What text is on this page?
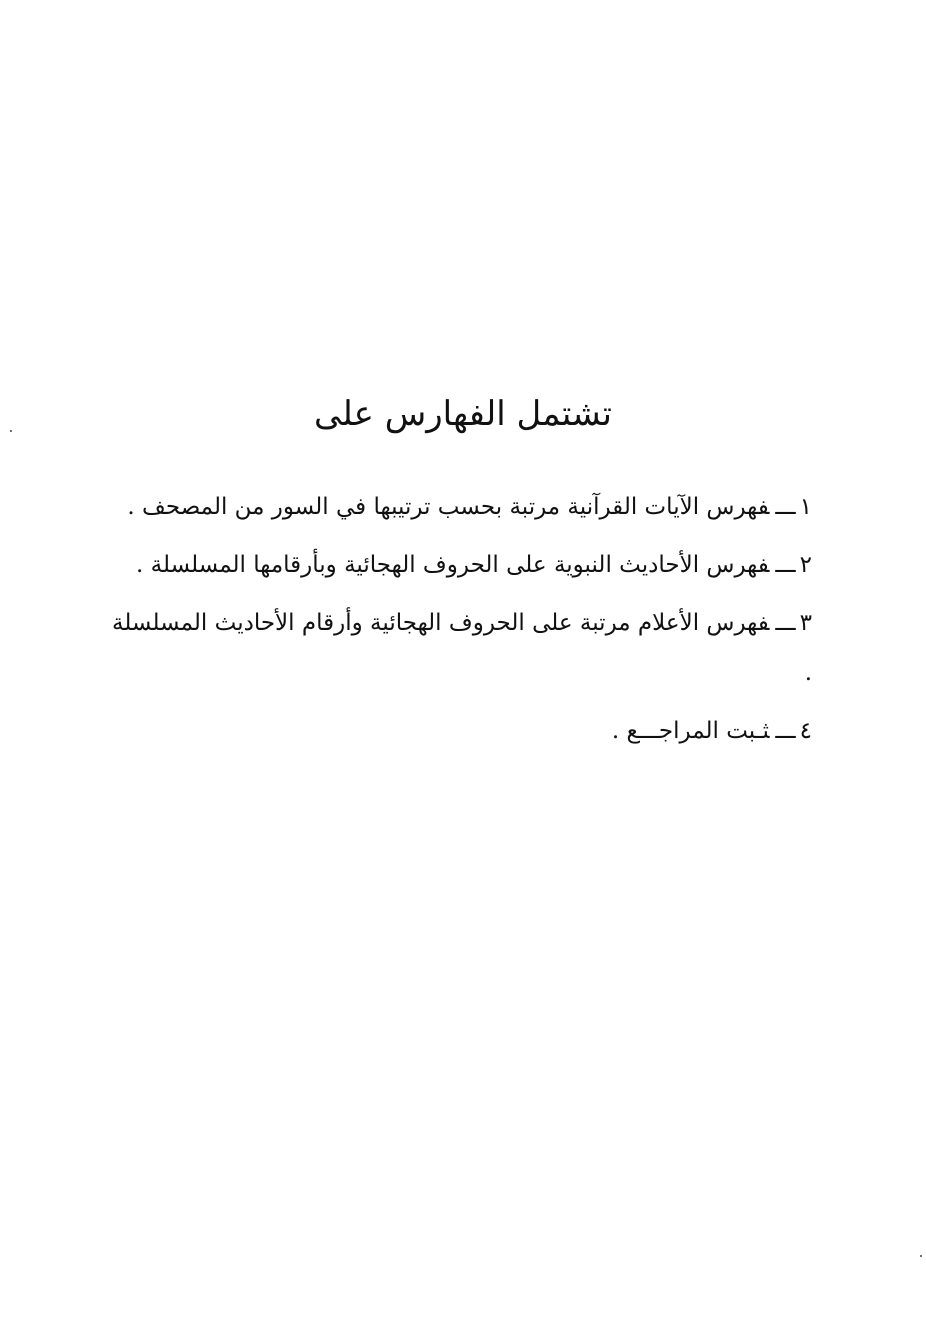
تشتمل الفهارس على
١ـــفهرس الآيات القرآنية مرتبة بحسب ترتيبها في السور من المصحف .
٢ـــفهرس الأحاديث النبوية على الحروف الهجائية وبأرقامها المسلسلة .
٣ـــفهرس الأعلام مرتبة على الحروف الهجائية وأرقام الأحاديث المسلسلة .
٤ـــثـبت المراجـــع .
